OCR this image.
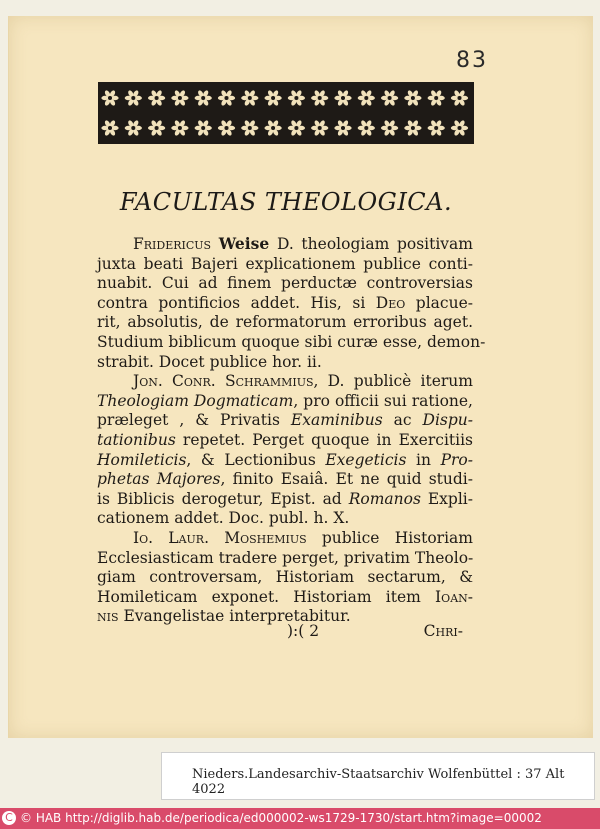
83
FACULTAS THEOLOGICA.
Fridericus Weise D. theologiam positivam
juxta beati Bajeri explicationem publice conti-
nuabit. Cui ad finem perductæ controversias
contra pontificios addet. His, si Deo placue-
rit, absolutis, de reformatorum erroribus aget.
Studium biblicum quoque sibi curæ esse, demon-
strabit. Docet publice hor. ii.
Jon. Conr. Schrammius, D. publicè iterum
Theologiam Dogmaticam, pro officii sui ratione,
præleget , & Privatis Examinibus ac Dispu-
tationibus repetet. Perget quoque in Exercitiis
Homileticis, & Lectionibus Exegeticis in Pro-
phetas Majores, finito Esaiâ. Et ne quid studi-
is Biblicis derogetur, Epist. ad Romanos Expli-
cationem addet. Doc. publ. h. X.
Io. Laur. Moshemius publice Historiam
Ecclesiasticam tradere perget, privatim Theolo-
giam controversam, Historiam sectarum, &
Homileticam exponet. Historiam item Ioan-
nis Evangelistae interpretabitur.
):( 2	Chri-
Nieders.Landesarchiv-Staatsarchiv Wolfenbüttel : 37 Alt 4022
C © HAB http://diglib.hab.de/periodica/ed000002-ws1729-1730/start.htm?image=00002
